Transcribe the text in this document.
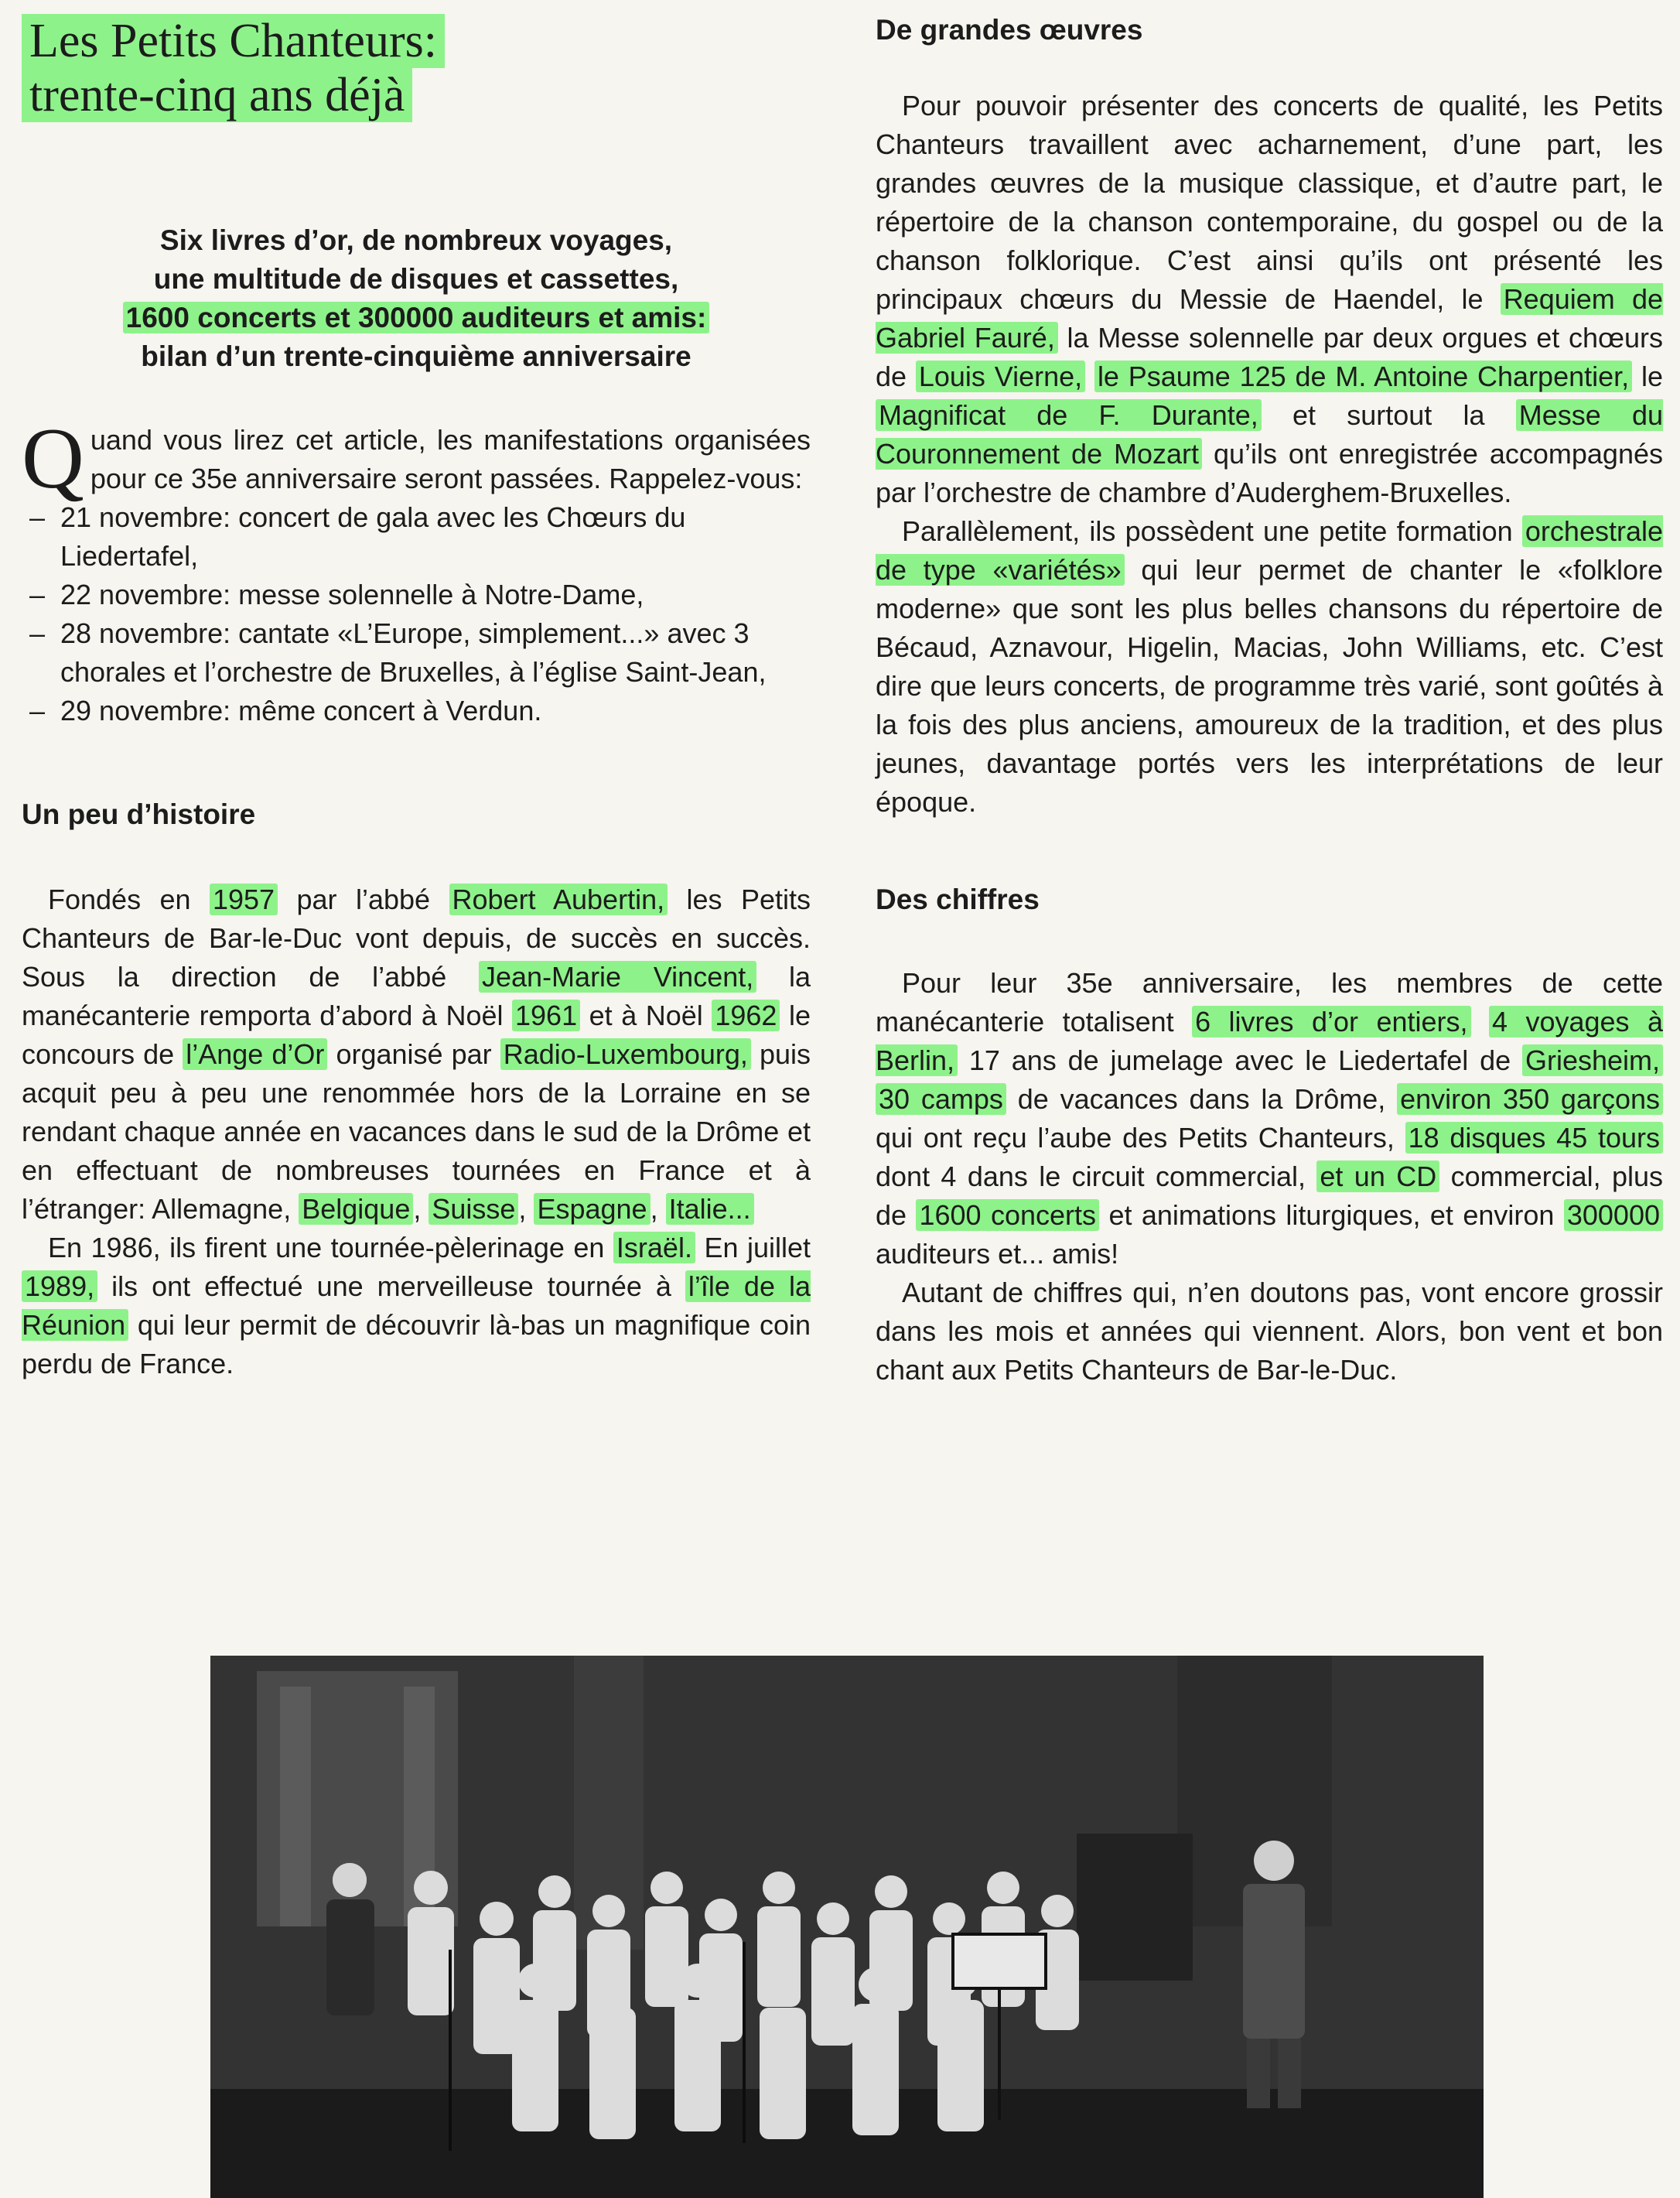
Les Petits Chanteurs:
trente-cinq ans déjà
Six livres d’or, de nombreux voyages,
une multitude de disques et cassettes,
1600 concerts et 300000 auditeurs et amis:
bilan d’un trente-cinquième anniversaire
Q uand vous lirez cet article, les manifestations organisées pour ce 35e anniversaire seront passées. Rappelez-vous:
– 21 novembre: concert de gala avec les Chœurs du Liedertafel,
– 22 novembre: messe solennelle à Notre-Dame,
– 28 novembre: cantate «L’Europe, simplement...» avec 3 chorales et l’orchestre de Bruxelles, à l’église Saint-Jean,
– 29 novembre: même concert à Verdun.
Un peu d’histoire

Fondés en 1957 par l’abbé Robert Aubertin, les Petits Chanteurs de Bar-le-Duc vont depuis, de succès en succès. Sous la direction de l’abbé Jean-Marie Vincent, la manécanterie remporta d’abord à Noël 1961 et à Noël 1962 le concours de l’Ange d’Or organisé par Radio-Luxembourg, puis acquit peu à peu une renommée hors de la Lorraine en se rendant chaque année en vacances dans le sud de la Drôme et en effectuant de nombreuses tournées en France et à l’étranger: Allemagne, Belgique , Suisse , Espagne , Italie...

En 1986, ils firent une tournée-pèlerinage en Israël. En juillet 1989, ils ont effectué une merveilleuse tournée à l’île de la Réunion qui leur permit de découvrir là-bas un magnifique coin perdu de France.

De grandes œuvres

Pour pouvoir présenter des concerts de qualité, les Petits Chanteurs travaillent avec acharnement, d’une part, les grandes œuvres de la musique classique, et d’autre part, le répertoire de la chanson contemporaine, du gospel ou de la chanson folklorique. C’est ainsi qu’ils ont présenté les principaux chœurs du Messie de Haendel, le Requiem de Gabriel Fauré, la Messe solennelle par deux orgues et chœurs de Louis Vierne, le Psaume 125 de M. Antoine Charpentier, le Magnificat de F. Durante, et surtout la Messe du Couronnement de Mozart qu’ils ont enregistrée accompagnés par l’orchestre de chambre d’Auderghem-Bruxelles.

Parallèlement, ils possèdent une petite formation orchestrale de type «variétés» qui leur permet de chanter le «folklore moderne» que sont les plus belles chansons du répertoire de Bécaud, Aznavour, Higelin, Macias, John Williams, etc. C’est dire que leurs concerts, de programme très varié, sont goûtés à la fois des plus anciens, amoureux de la tradition, et des plus jeunes, davantage portés vers les interprétations de leur époque.

Des chiffres

Pour leur 35e anniversaire, les membres de cette manécanterie totalisent 6 livres d’or entiers, 4 voyages à Berlin, 17 ans de jumelage avec le Liedertafel de Griesheim, 30 camps de vacances dans la Drôme, environ 350 garçons qui ont reçu l’aube des Petits Chanteurs, 18 disques 45 tours dont 4 dans le circuit commercial, et un CD commercial, plus de 1600 concerts et animations liturgiques, et environ 300000 auditeurs et... amis!

Autant de chiffres qui, n’en doutons pas, vont encore grossir dans les mois et années qui viennent. Alors, bon vent et bon chant aux Petits Chanteurs de Bar-le-Duc.
